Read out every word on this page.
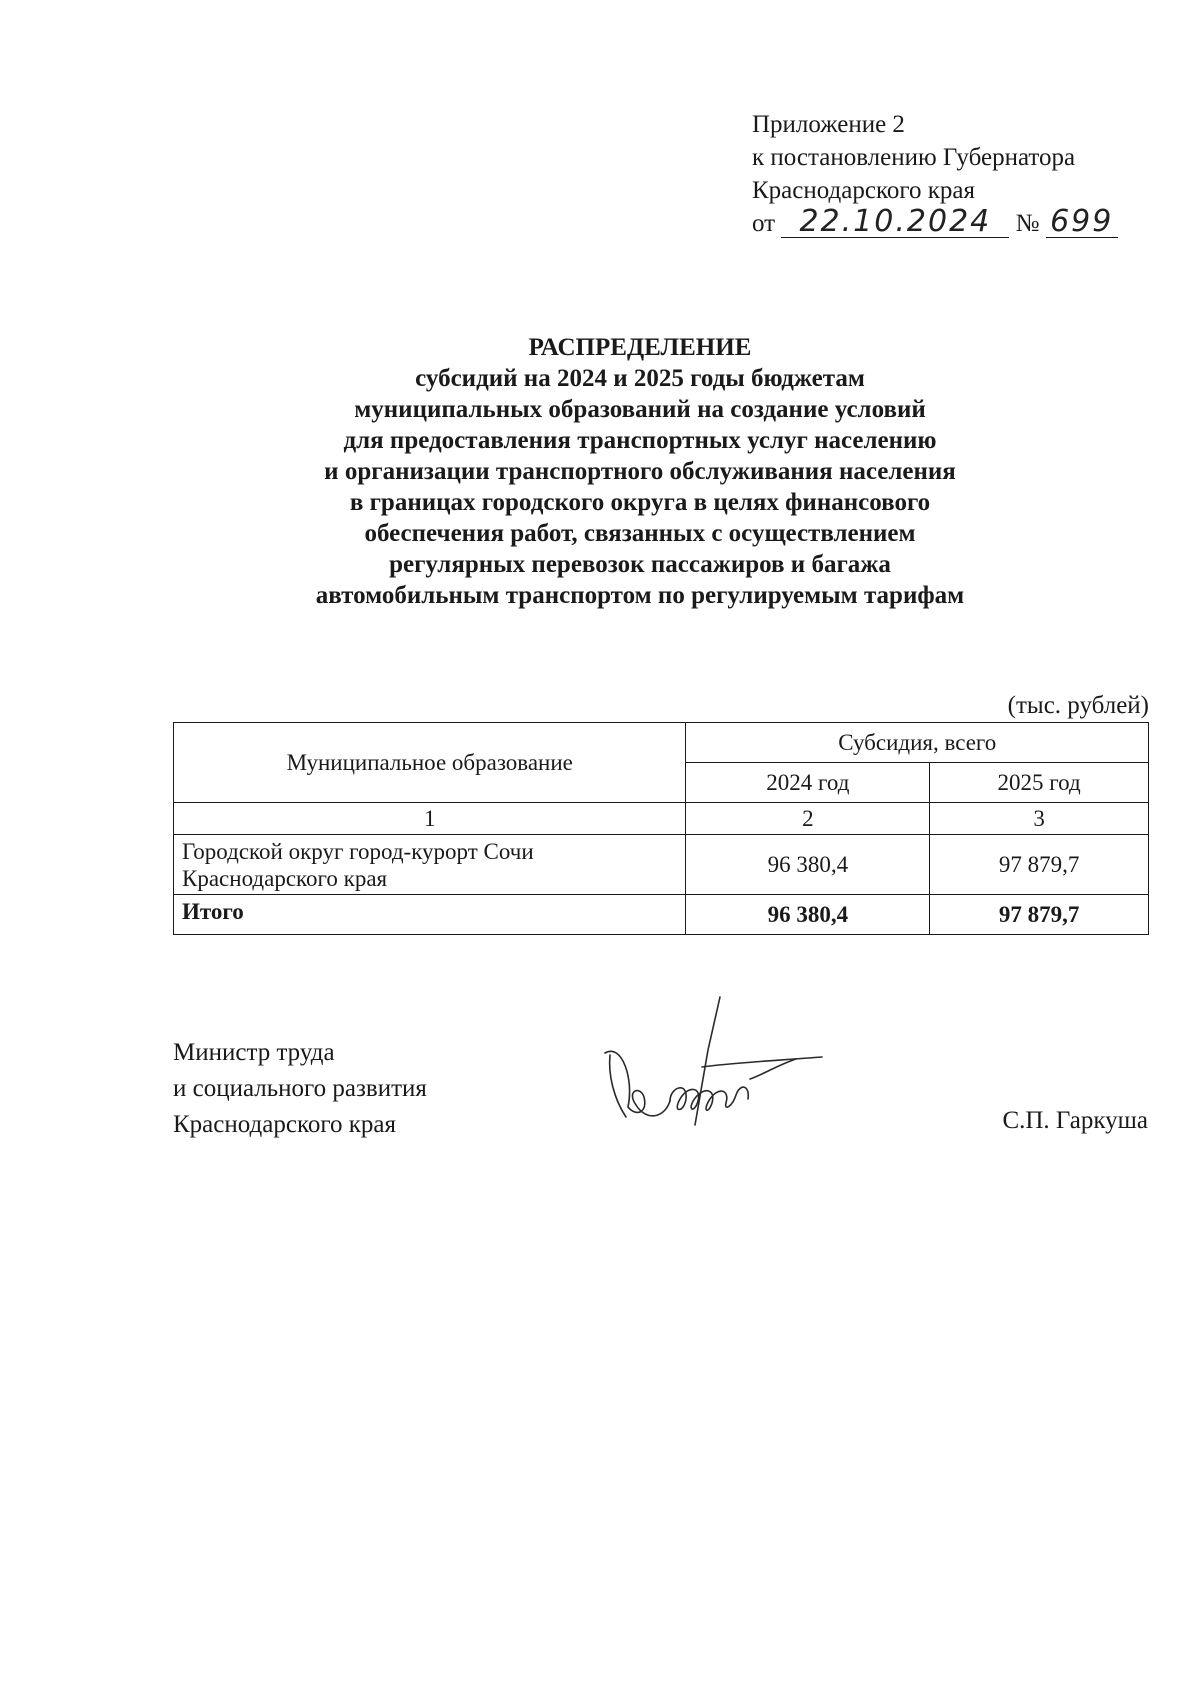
Приложение 2
к постановлению Губернатора
Краснодарского края
от 22.10.2024 № 699
РАСПРЕДЕЛЕНИЕ
субсидий на 2024 и 2025 годы бюджетам
муниципальных образований на создание условий
для предоставления транспортных услуг населению
и организации транспортного обслуживания населения
в границах городского округа в целях финансового
обеспечения работ, связанных с осуществлением
регулярных перевозок пассажиров и багажа
автомобильным транспортом по регулируемым тарифам
(тыс. рублей)
Муниципальное образование	Субсидия, всего	
	2024 год	2025 год
1	2	3

Городской округ город-курорт Сочи
Краснодарского края	96 380,4	97 879,7
Итого	96 380,4	97 879,7
Министр труда
и социального развития
Краснодарского края	С.П. Гаркуша
